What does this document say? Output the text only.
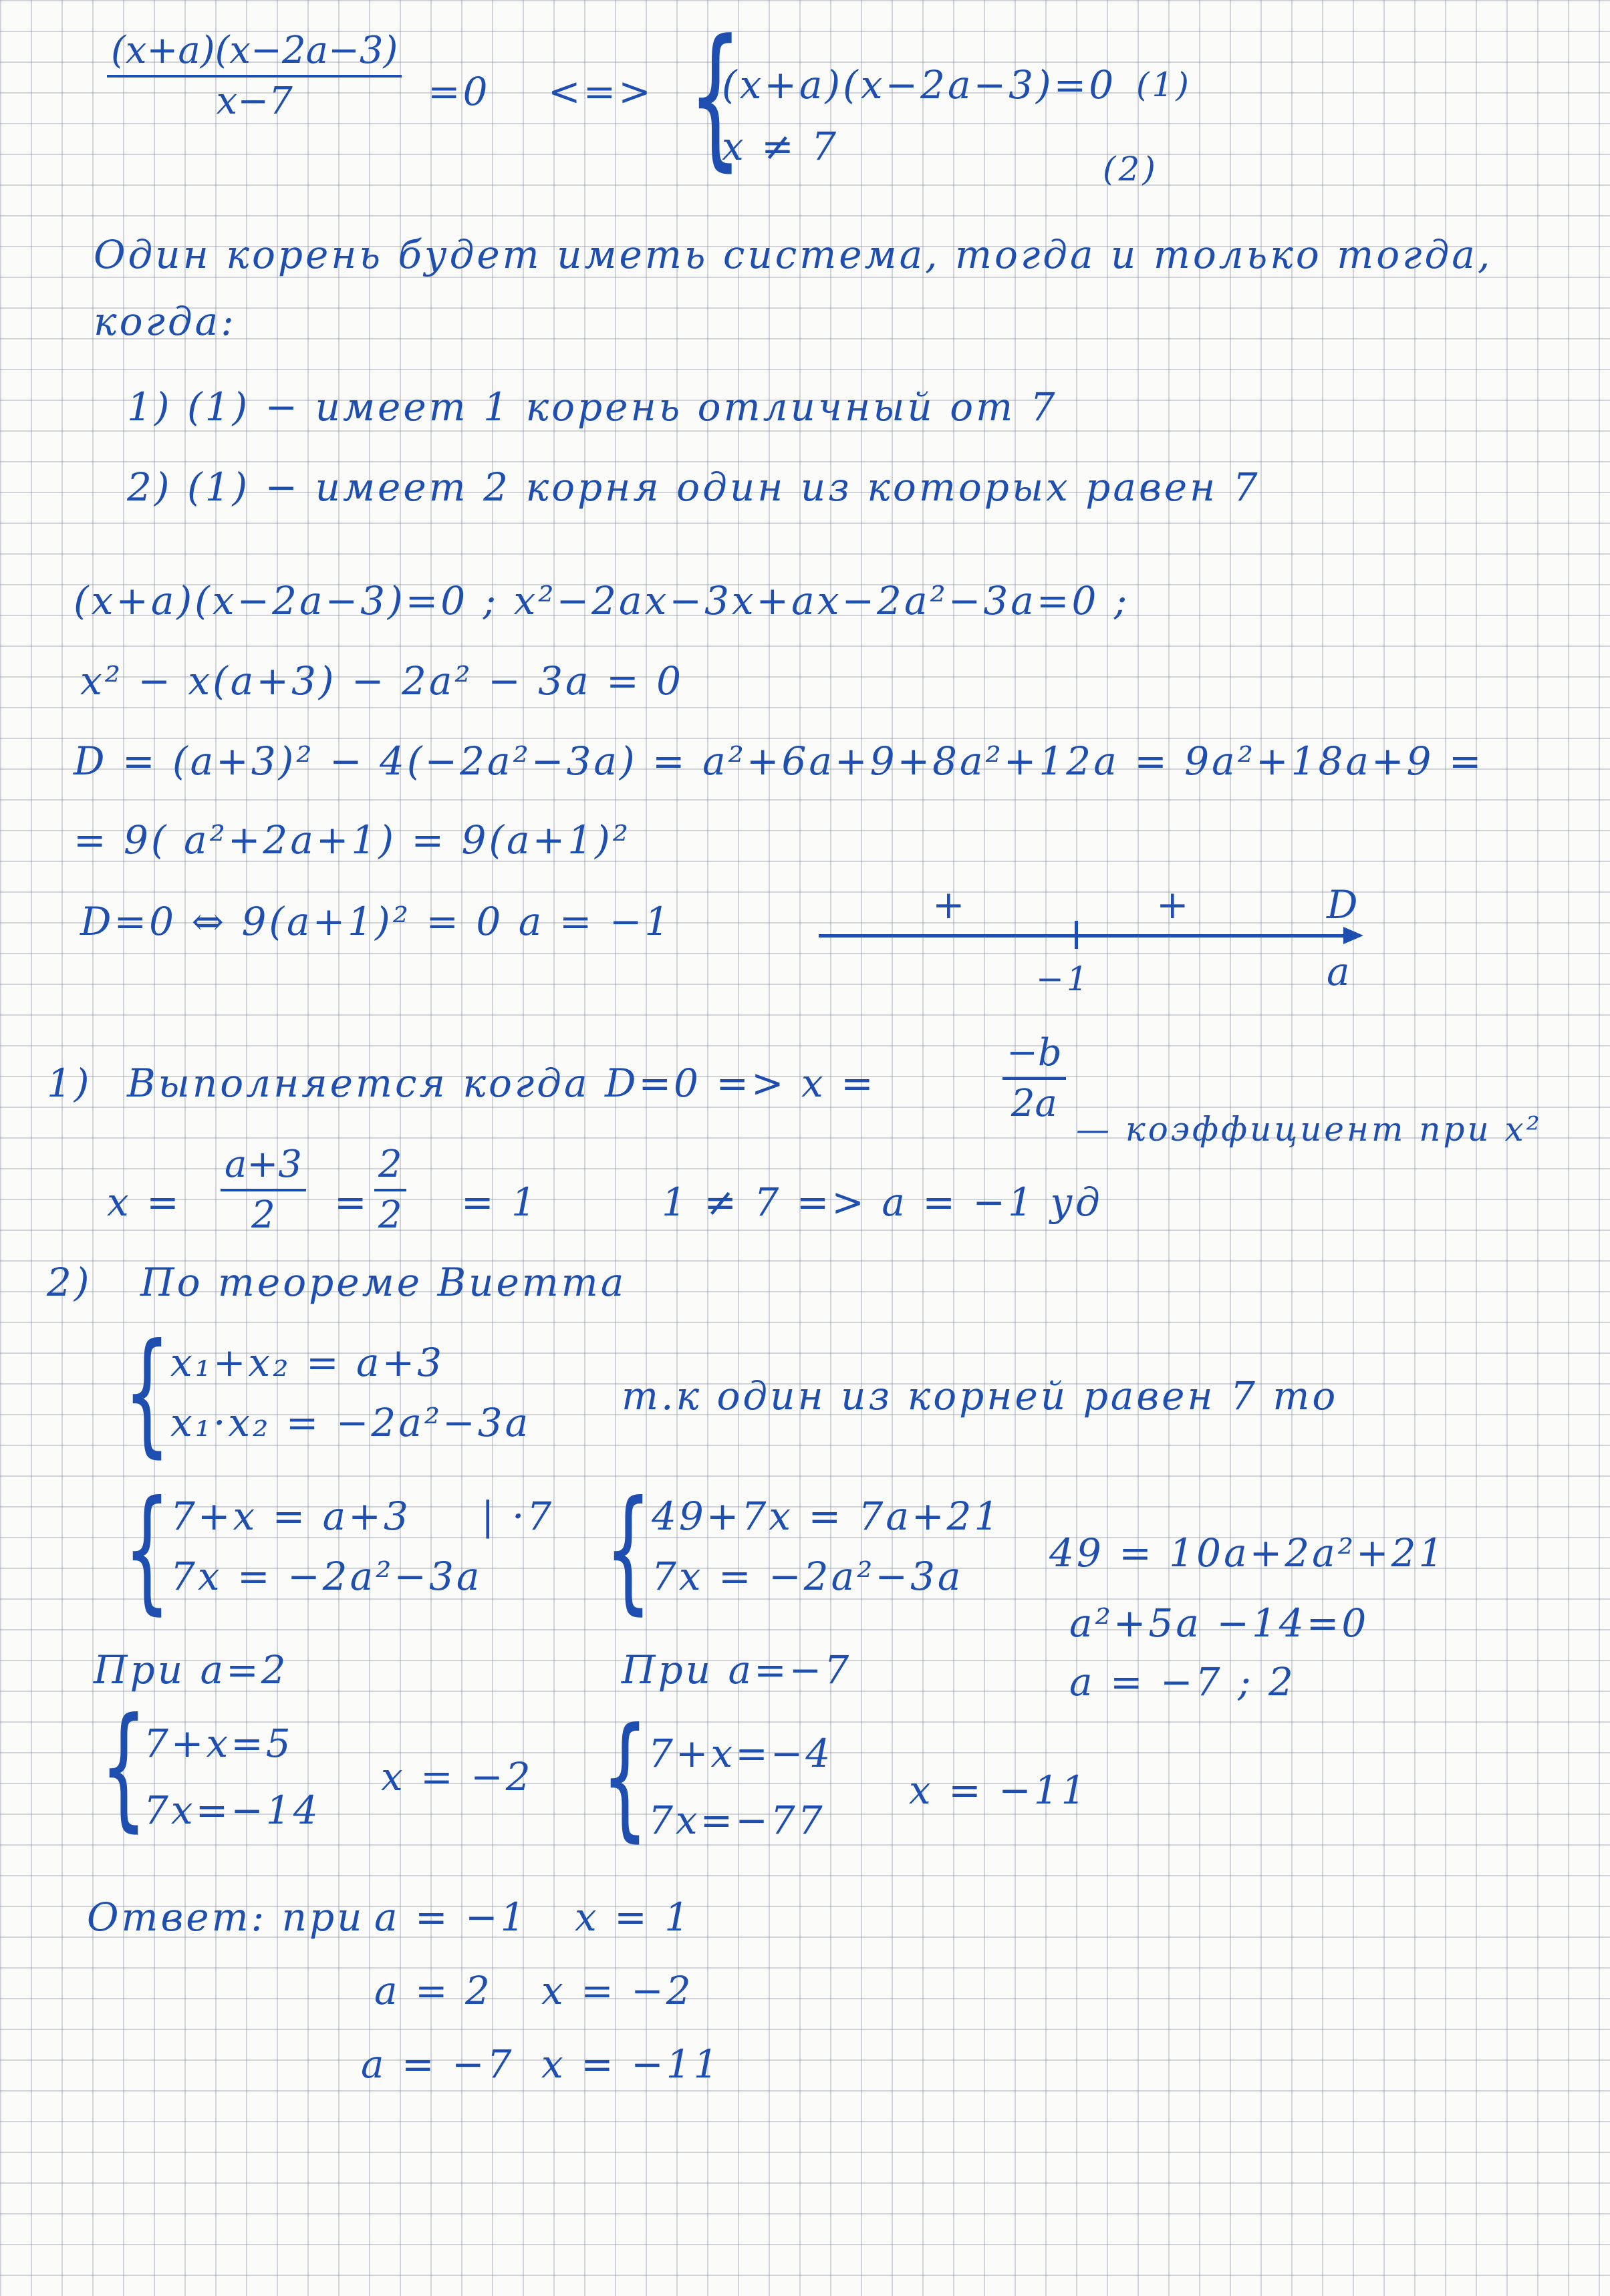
$\frac{(x+a)(x-2a-3)}{x-7} =0$ <=> {
(x+a)(x−2a−3)=0 (1)
x ≠ 7	(2)
Один корень будет иметь система, тогда и только тогда,
когда:
1) (1) − имеет 1 корень отличный от 7
2) (1) − имеет 2 корня один из которых равен 7
(x+a)(x−2a−3)=0 ; x²−2ax−3x+ax−2a²−3a=0 ;
x² − x(a+3) − 2a² − 3a = 0
D = (a+3)² − 4(−2a²−3a) = a²+6a+9+8a²+12a = 9a²+18a+9 =
= 9( a²+2a+1) = 9(a+1)²
D=0 ⇔ 9(a+1)² = 0 a = −1	+	+	D
a
−1
1) Выполняется когда D=0 => x =	$\frac{-b}{2a}$
— коэффициент при x²
$x = \frac{a+3}{2} = \frac{2}{2} = 1$	1 ≠ 7 => a = −1 уд
2) По теореме Виетта
{ x₁+x₂ = a+3
x₁·x₂ = −2a²−3a
т.к один из корней равен 7 то
{ 7+x = a+3 | ·7
7x = −2a²−3a { 49+7x = 7a+21
7x = −2a²−3a
49 = 10a+2a²+21
a²+5a −14=0
a = −7 ; 2
При a=2
{
7+x=5
7x=−14
x = −2
При a=−7
{ 7+x=−4
7x=−77
x = −11
Ответ: при a = −1 x = 1
a = 2 x = −2
a = −7 x = −11
